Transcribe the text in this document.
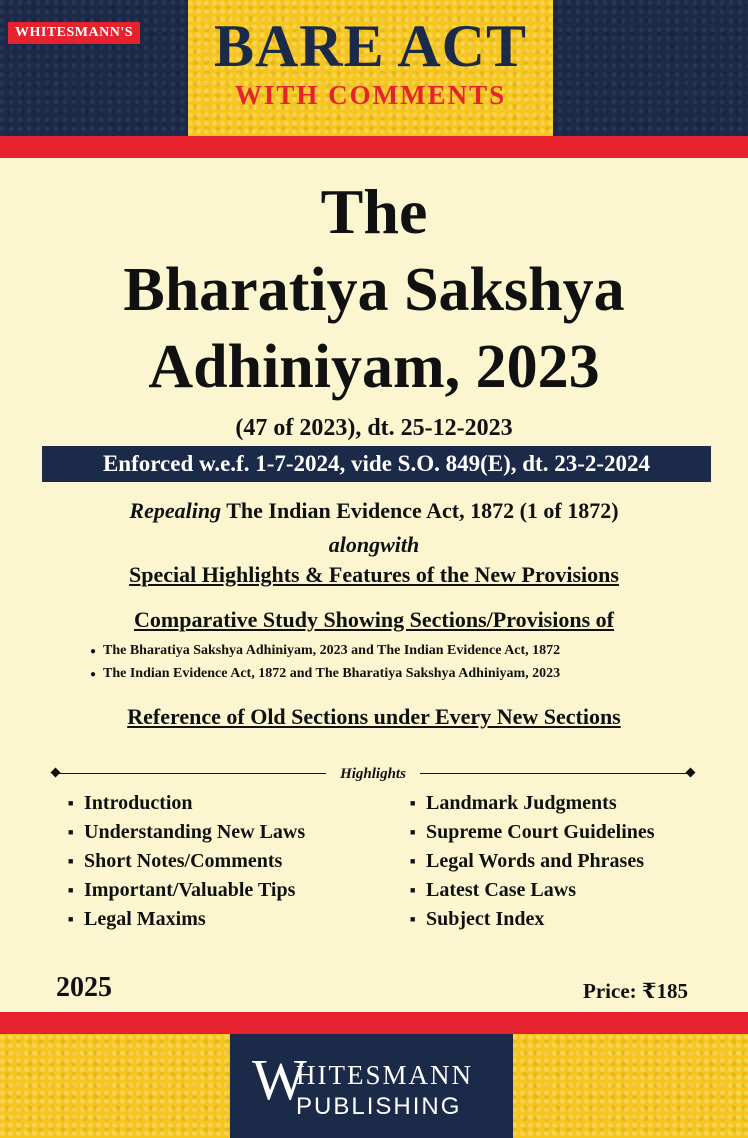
WHITESMANN'S	BARE ACT
WITH COMMENTS
The
Bharatiya Sakshya
Adhiniyam, 2023
(47 of 2023), dt. 25-12-2023
Enforced w.e.f. 1-7-2024, vide S.O. 849(E), dt. 23-2-2024
Repealing The Indian Evidence Act, 1872 (1 of 1872)
alongwith
Special Highlights & Features of the New Provisions
Comparative Study Showing Sections/Provisions of
● The Bharatiya Sakshya Adhiniyam, 2023 and The Indian Evidence Act, 1872
● The Indian Evidence Act, 1872 and The Bharatiya Sakshya Adhiniyam, 2023
Reference of Old Sections under Every New Sections
Highlights
■ Introduction
■ Understanding New Laws
■ Short Notes/Comments
■ Important/Valuable Tips
■ Legal Maxims
■ Landmark Judgments
■ Supreme Court Guidelines
■ Legal Words and Phrases
■ Latest Case Laws
■ Subject Index
2025	Price: ₹185
W
HITESMANN
PUBLISHING
